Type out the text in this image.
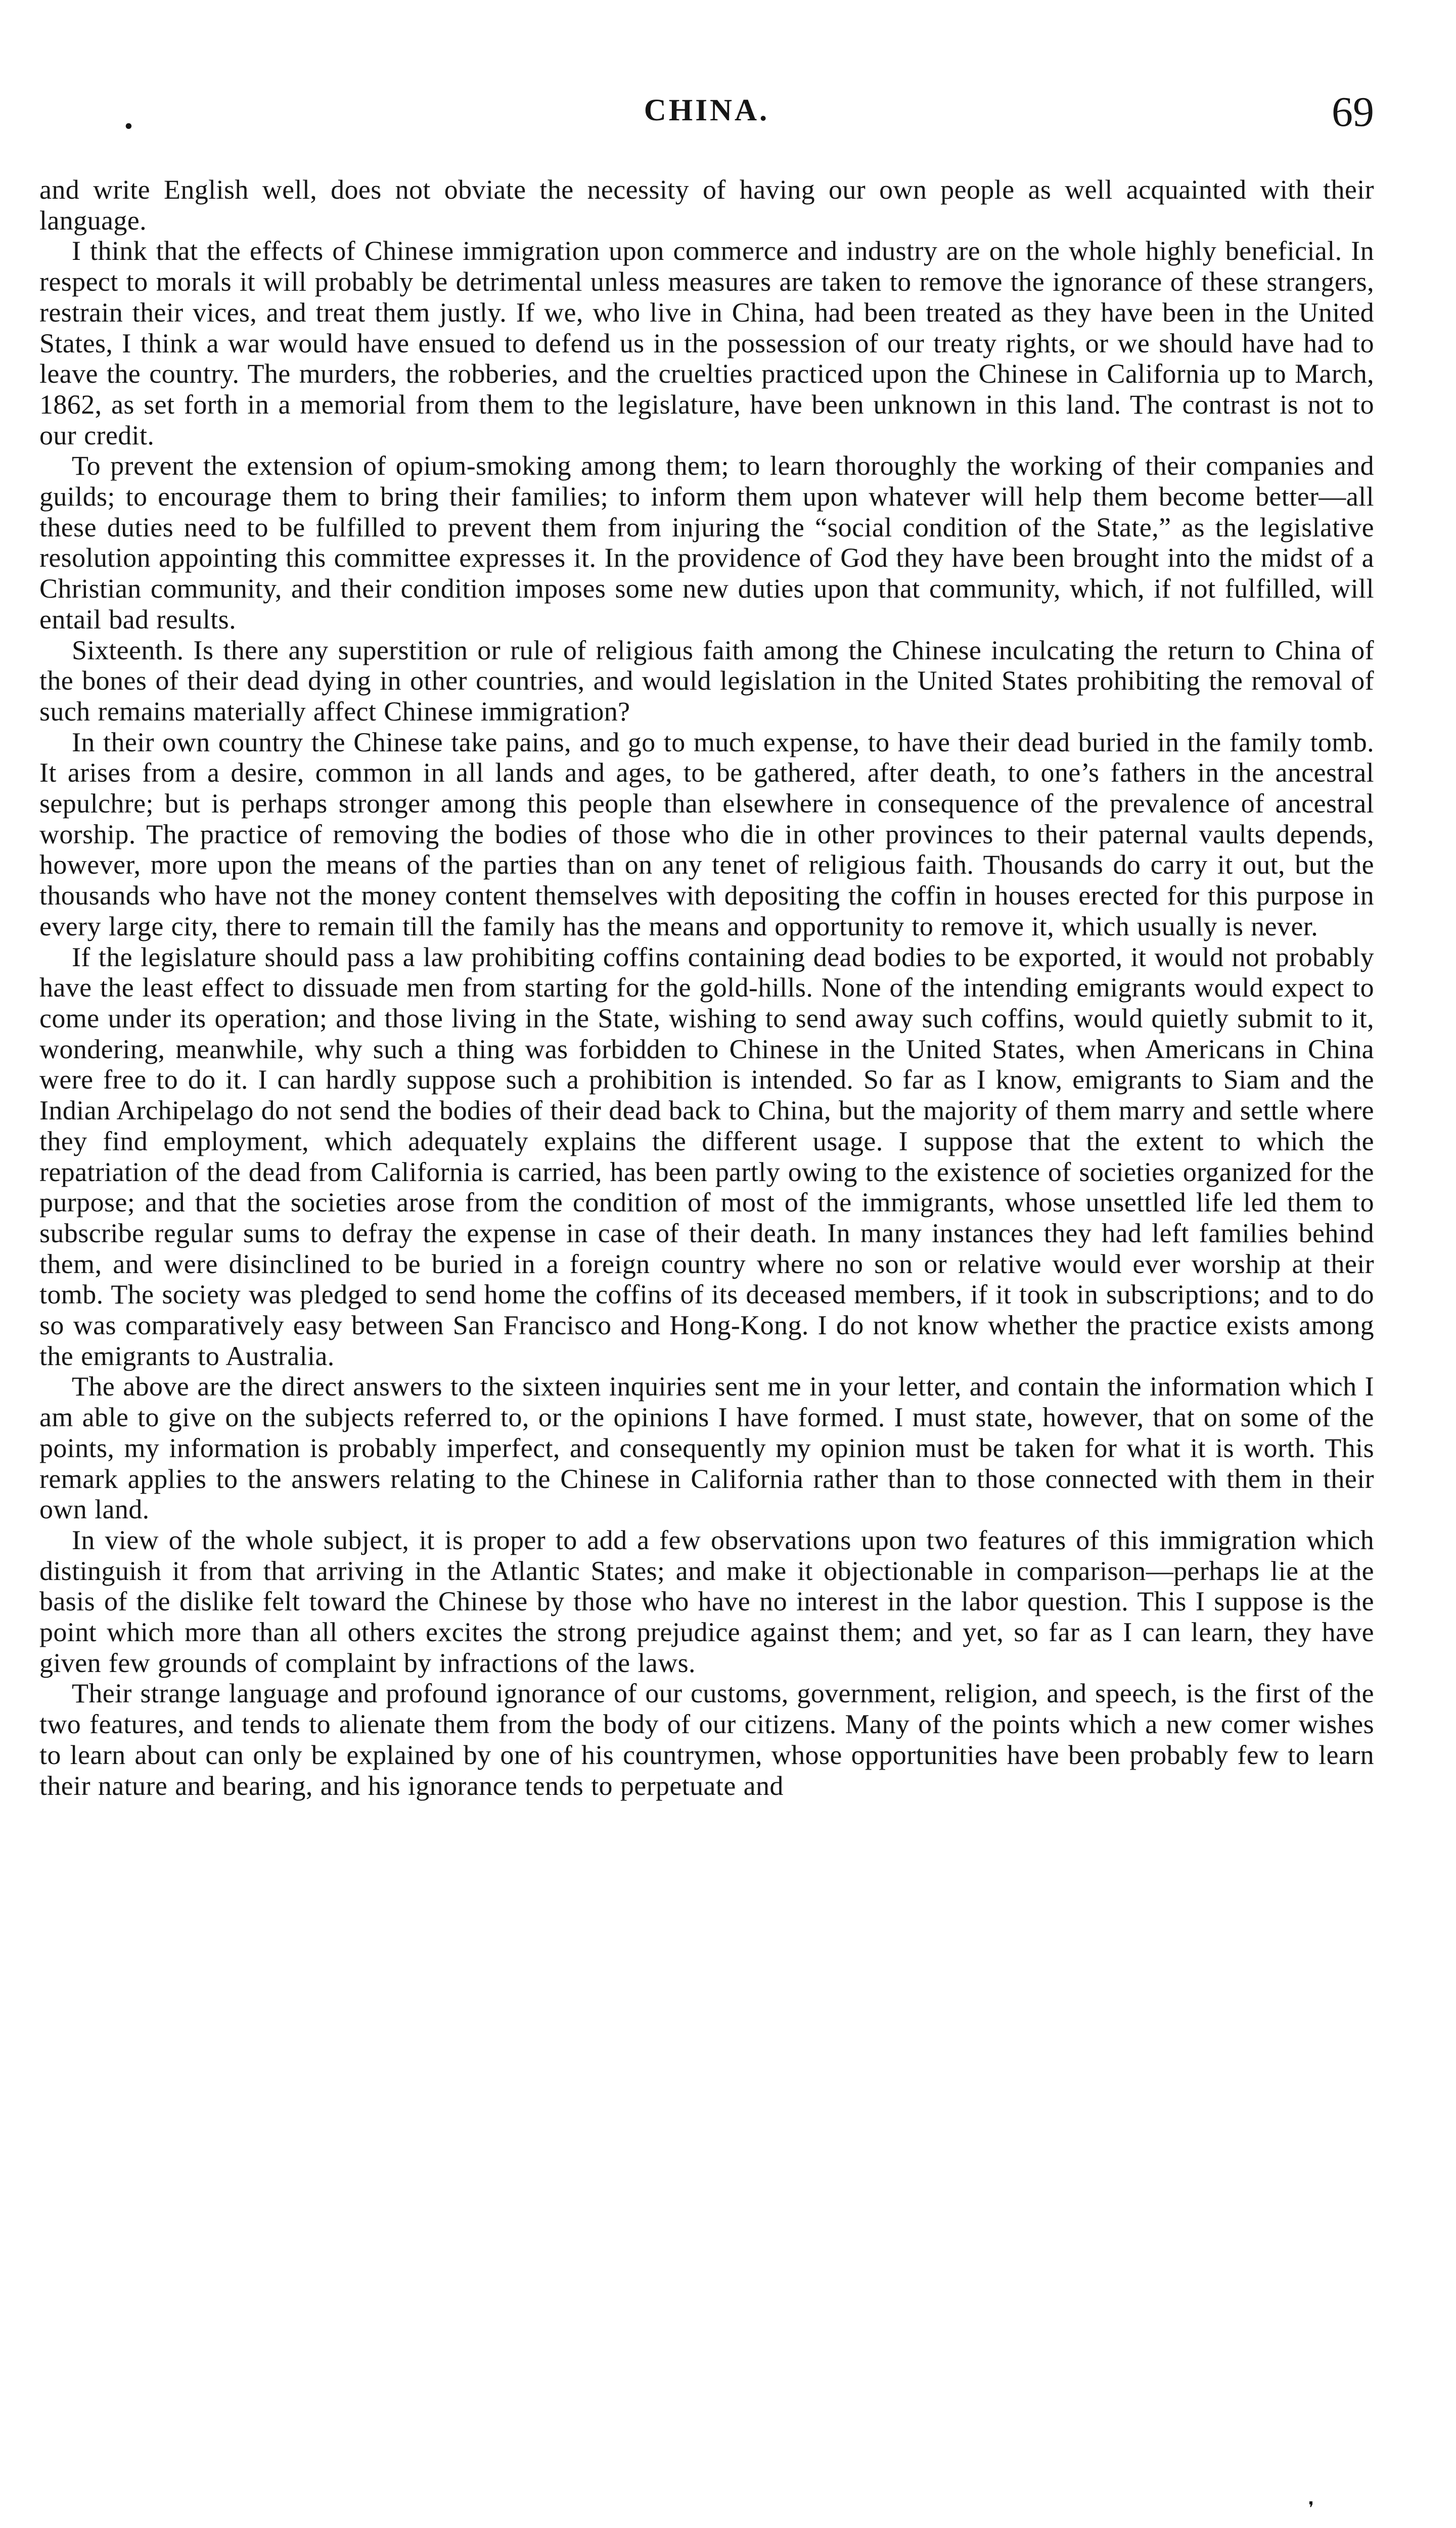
•	CHINA.	69

and write English well, does not obviate the necessity of having our own people as well acquainted with their language.

I think that the effects of Chinese immigration upon commerce and industry are on the whole highly beneficial. In respect to morals it will probably be detrimental unless measures are taken to remove the ignorance of these strangers, restrain their vices, and treat them justly. If we, who live in China, had been treated as they have been in the United States, I think a war would have ensued to defend us in the possession of our treaty rights, or we should have had to leave the country. The murders, the robberies, and the cruelties practiced upon the Chinese in California up to March, 1862, as set forth in a memorial from them to the legislature, have been unknown in this land. The contrast is not to our credit.

To prevent the extension of opium-smoking among them; to learn thoroughly the working of their companies and guilds; to encourage them to bring their families; to inform them upon whatever will help them become better—all these duties need to be fulfilled to prevent them from injuring the “social condition of the State,” as the legislative resolution appointing this committee expresses it. In the providence of God they have been brought into the midst of a Christian community, and their condition imposes some new duties upon that community, which, if not fulfilled, will entail bad results.

Sixteenth. Is there any superstition or rule of religious faith among the Chinese inculcating the return to China of the bones of their dead dying in other countries, and would legislation in the United States prohibiting the removal of such remains materially affect Chinese immigration?

In their own country the Chinese take pains, and go to much expense, to have their dead buried in the family tomb. It arises from a desire, common in all lands and ages, to be gathered, after death, to one’s fathers in the ancestral sepulchre; but is perhaps stronger among this people than elsewhere in consequence of the prevalence of ancestral worship. The practice of removing the bodies of those who die in other provinces to their paternal vaults depends, however, more upon the means of the parties than on any tenet of religious faith. Thousands do carry it out, but the thousands who have not the money content themselves with depositing the coffin in houses erected for this purpose in every large city, there to remain till the family has the means and opportunity to remove it, which usually is never.

If the legislature should pass a law prohibiting coffins containing dead bodies to be exported, it would not probably have the least effect to dissuade men from starting for the gold-hills. None of the intending emigrants would expect to come under its operation; and those living in the State, wishing to send away such coffins, would quietly submit to it, wondering, meanwhile, why such a thing was forbidden to Chinese in the United States, when Americans in China were free to do it. I can hardly suppose such a prohibition is intended. So far as I know, emigrants to Siam and the Indian Archipelago do not send the bodies of their dead back to China, but the majority of them marry and settle where they find employment, which adequately explains the different usage. I suppose that the extent to which the repatriation of the dead from California is carried, has been partly owing to the existence of societies organized for the purpose; and that the societies arose from the condition of most of the immigrants, whose unsettled life led them to subscribe regular sums to defray the expense in case of their death. In many instances they had left families behind them, and were disinclined to be buried in a foreign country where no son or relative would ever worship at their tomb. The society was pledged to send home the coffins of its deceased members, if it took in subscriptions; and to do so was comparatively easy between San Francisco and Hong-Kong. I do not know whether the practice exists among the emigrants to Australia.

The above are the direct answers to the sixteen inquiries sent me in your letter, and contain the information which I am able to give on the subjects referred to, or the opinions I have formed. I must state, however, that on some of the points, my information is probably imperfect, and consequently my opinion must be taken for what it is worth. This remark applies to the answers relating to the Chinese in California rather than to those connected with them in their own land.

In view of the whole subject, it is proper to add a few observations upon two features of this immigration which distinguish it from that arriving in the Atlantic States; and make it objectionable in comparison—perhaps lie at the basis of the dislike felt toward the Chinese by those who have no interest in the labor question. This I suppose is the point which more than all others excites the strong prejudice against them; and yet, so far as I can learn, they have given few grounds of complaint by infractions of the laws.

Their strange language and profound ignorance of our customs, government, religion, and speech, is the first of the two features, and tends to alienate them from the body of our citizens. Many of the points which a new comer wishes to learn about can only be explained by one of his countrymen, whose opportunities have been probably few to learn their nature and bearing, and his ignorance tends to perpetuate and

❜
